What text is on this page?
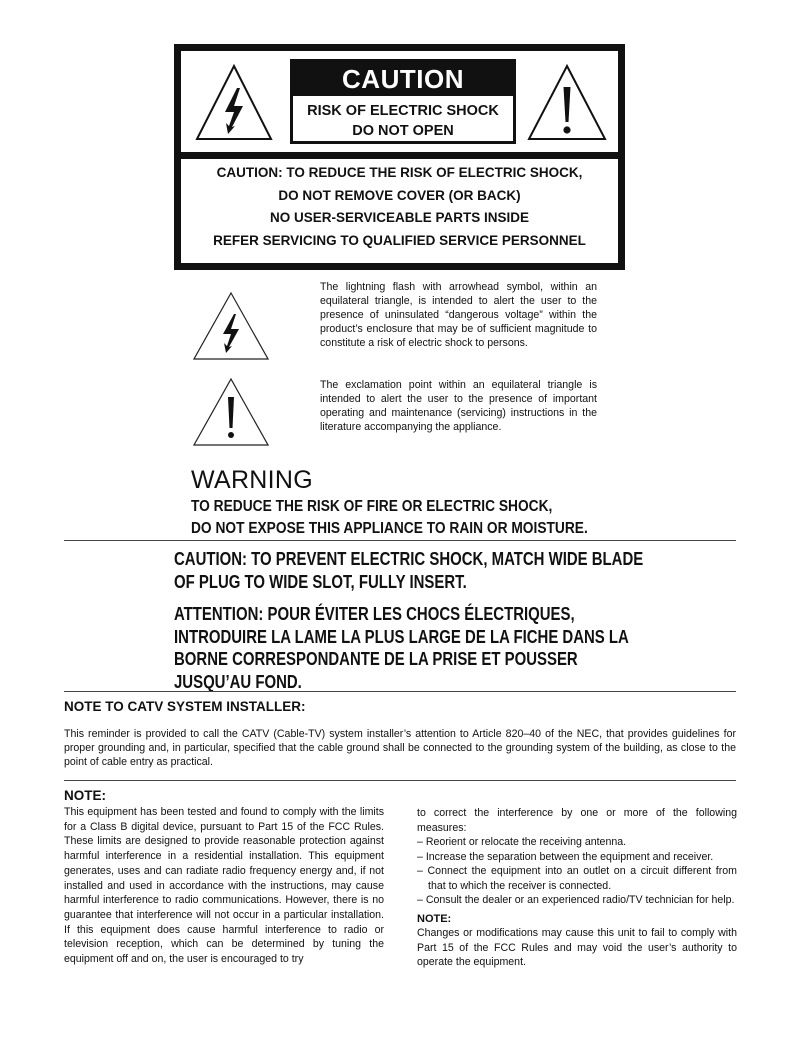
CAUTION
RISK OF ELECTRIC SHOCK
DO NOT OPEN
CAUTION: TO REDUCE THE RISK OF ELECTRIC SHOCK,
DO NOT REMOVE COVER (OR BACK)
NO USER-SERVICEABLE PARTS INSIDE
REFER SERVICING TO QUALIFIED SERVICE PERSONNEL

The lightning flash with arrowhead symbol, within an equilateral triangle, is intended to alert the user to the presence of uninsulated “dangerous voltage” within the product’s enclosure that may be of sufficient magnitude to constitute a risk of electric shock to persons.

The exclamation point within an equilateral triangle is intended to alert the user to the presence of important operating and maintenance (servicing) instructions in the literature accompanying the appliance.

WARNING
TO REDUCE THE RISK OF FIRE OR ELECTRIC SHOCK,
DO NOT EXPOSE THIS APPLIANCE TO RAIN OR MOISTURE.
CAUTION: TO PREVENT ELECTRIC SHOCK, MATCH WIDE BLADE
OF PLUG TO WIDE SLOT, FULLY INSERT.
ATTENTION: POUR ÉVITER LES CHOCS ÉLECTRIQUES,
INTRODUIRE LA LAME LA PLUS LARGE DE LA FICHE DANS LA
BORNE CORRESPONDANTE DE LA PRISE ET POUSSER
JUSQU’AU FOND.
NOTE TO CATV SYSTEM INSTALLER:

This reminder is provided to call the CATV (Cable-TV) system installer’s attention to Article 820–40 of the NEC, that provides guidelines for proper grounding and, in particular, specified that the cable ground shall be connected to the grounding system of the building, as close to the point of cable entry as practical.

NOTE:

This equipment has been tested and found to comply with the limits for a Class B digital device, pursuant to Part 15 of the FCC Rules. These limits are designed to provide reasonable protection against harmful interference in a residential installation. This equipment generates, uses and can radiate radio frequency energy and, if not installed and used in accordance with the instructions, may cause harmful interference to radio communications. However, there is no guarantee that interference will not occur in a particular installation. If this equipment does cause harmful interference to radio or television reception, which can be determined by tuning the equipment off and on, the user is encouraged to try

to correct the interference by one or more of the following measures:
– Reorient or relocate the receiving antenna.
– Increase the separation between the equipment and receiver.
– Connect the equipment into an outlet on a circuit different from that to which the receiver is connected.
– Consult the dealer or an experienced radio/TV technician for help.
NOTE:
Changes or modifications may cause this unit to fail to comply with Part 15 of the FCC Rules and may void the user’s authority to operate the equipment.
